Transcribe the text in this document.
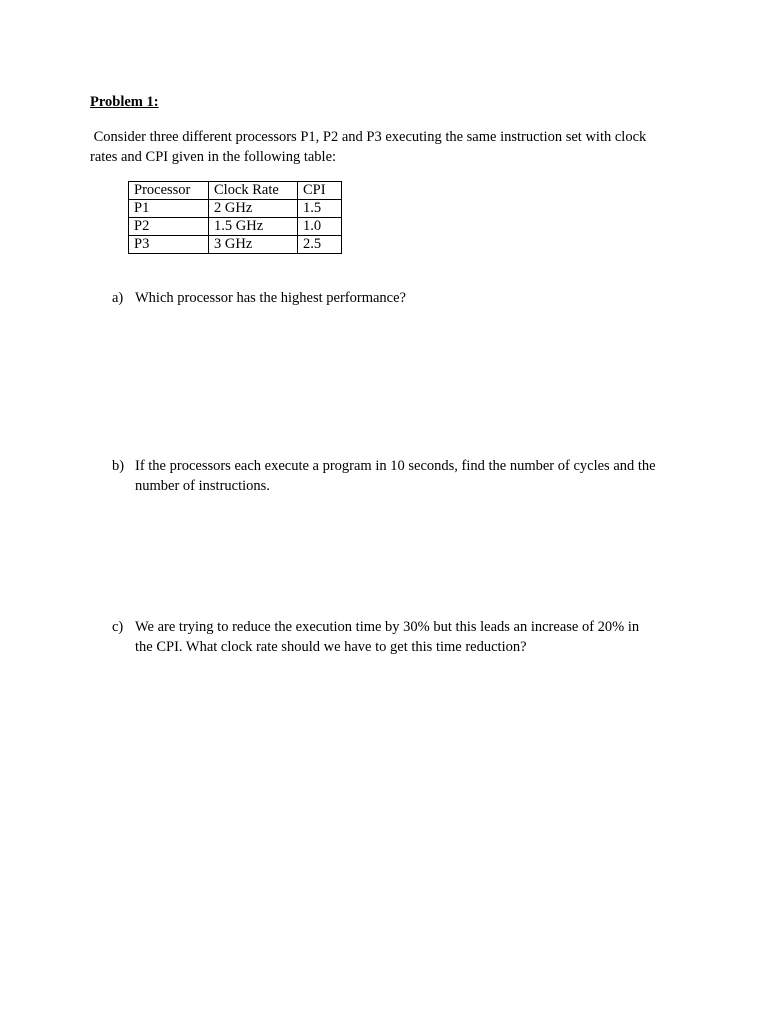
Problem 1:
Consider three different processors P1, P2 and P3 executing the same instruction set with clock
rates and CPI given in the following table:
Processor	Clock Rate	CPI
P1	2 GHz	1.5
P2	1.5 GHz	1.0
P3	3 GHz	2.5
a) Which processor has the highest performance?
b) If the processors each execute a program in 10 seconds, find the number of cycles and the
number of instructions.
c) We are trying to reduce the execution time by 30% but this leads an increase of 20% in
the CPI. What clock rate should we have to get this time reduction?
